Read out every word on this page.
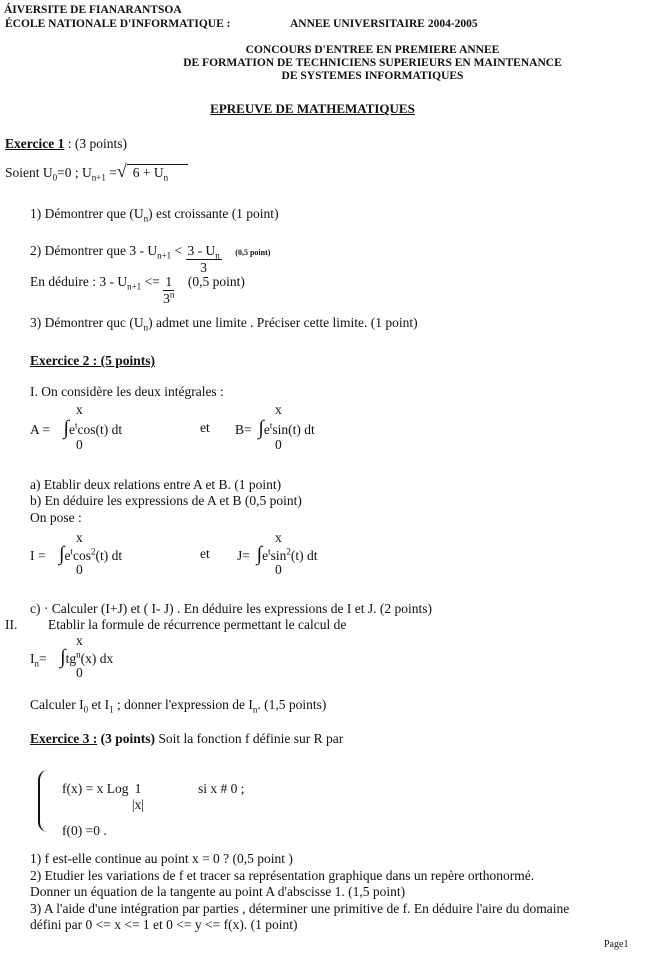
ÁIVERSITE DE FIANARANTSOA
ÉCOLE NATIONALE D'INFORMATIQUE :	ANNEE UNIVERSITAIRE 2004-2005
CONCOURS D'ENTREE EN PREMIERE ANNEE
DE FORMATION DE TECHNICIENS SUPERIEURS EN MAINTENANCE
DE SYSTEMES INFORMATIQUES
EPREUVE DE MATHEMATIQUES
Exercice 1 : (3 points)
Soient $U_0=0$ ; $U_{n+1}$ =√ $6 + U_n$
1) Démontrer que $(U_n)$ est croissante (1 point)
2) Démontrer que $3 - U_{n+1} < \frac{3 - U_n}{3} (0,5$ point)
En déduire : $3 - U_{n+1} <= \frac{1}{3^n} (0,5$ point)
3) Démontrer quc $(U_n)$ admet une limite . Préciser cette limite. (1 point)
Exercice 2 : (5 points)
I. On considère les deux intégrales :
x	x
$A = \int e^t\cos(t)$ dt	et $B= \int e^t\sin(t)$ dt
0	0
a) Etablir deux relations entre A et B. (1 point)
b) En déduire les expressions de A et B (0,5 point)
On pose :
x	x
$I = \int e^t\cos^2(t)$ dt	et $J= \int e^t\sin^2(t)$ dt
0	0
c) · Calculer (I+J) et ( I- J) . En déduire les expressions de I et J. (2 points)
II. Etablir la formule de récurrence permettant le calcul de
x
$I_n= \int tg^n(x)$ dx
0
Calculer $I_0$ et $I_1$ ; donner l'expression de $I_n$. (1,5 points)
Exercice 3 : (3 points) Soit la fonction f définie sur R par
f(x) = x Log 1
|x|
si x # 0 ;
f(0) =0 .
1) f est-elle continue au point x = 0 ? (0,5 point )
2) Etudier les variations de f et tracer sa représentation graphique dans un repère orthonormé.
Donner un équation de la tangente au point A d'abscisse 1. (1,5 point)
3) A l'aide d'une intégration par parties , déterminer une primitive de f. En déduire l'aire du domaine
défini par 0 <= x <= 1 et 0 <= y <= f(x). (1 point)
Page1
